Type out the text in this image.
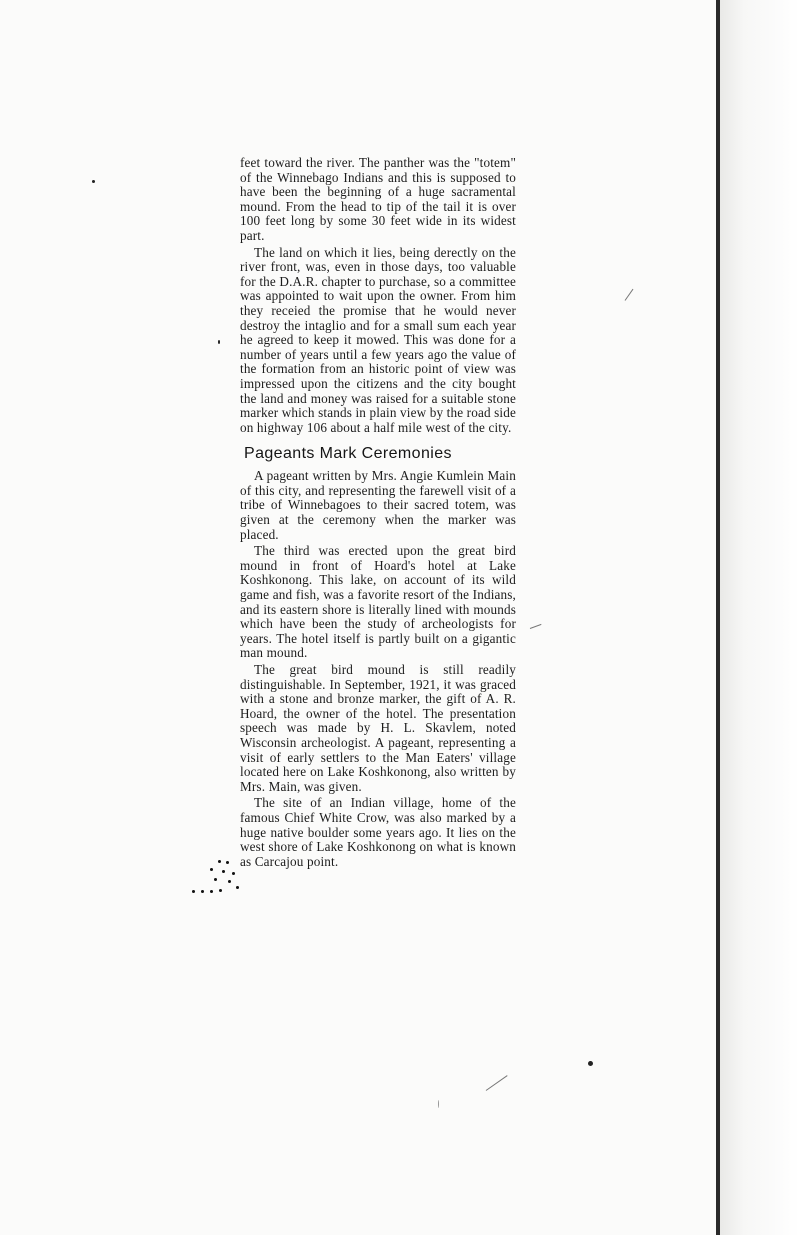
feet toward the river. The panther was the "totem" of the Winnebago Indians and this is supposed to have been the beginning of a huge sacramental mound. From the head to tip of the tail it is over 100 feet long by some 30 feet wide in its widest part.

The land on which it lies, being derectly on the river front, was, even in those days, too valuable for the D.A.R. chapter to purchase, so a committee was appointed to wait upon the owner. From him they receied the promise that he would never destroy the intaglio and for a small sum each year he agreed to keep it mowed. This was done for a number of years until a few years ago the value of the formation from an historic point of view was impressed upon the citizens and the city bought the land and money was raised for a suitable stone marker which stands in plain view by the road side on highway 106 about a half mile west of the city.

Pageants Mark Ceremonies

A pageant written by Mrs. Angie Kumlein Main of this city, and representing the farewell visit of a tribe of Winnebagoes to their sacred totem, was given at the ceremony when the marker was placed.

The third was erected upon the great bird mound in front of Hoard's hotel at Lake Koshkonong. This lake, on account of its wild game and fish, was a favorite resort of the Indians, and its eastern shore is literally lined with mounds which have been the study of archeologists for years. The hotel itself is partly built on a gigantic man mound.

The great bird mound is still readily distinguishable. In September, 1921, it was graced with a stone and bronze marker, the gift of A. R. Hoard, the owner of the hotel. The presentation speech was made by H. L. Skavlem, noted Wisconsin archeologist. A pageant, representing a visit of early settlers to the Man Eaters' village located here on Lake Koshkonong, also written by Mrs. Main, was given.

The site of an Indian village, home of the famous Chief White Crow, was also marked by a huge native boulder some years ago. It lies on the west shore of Lake Koshkonong on what is known as Carcajou point.
